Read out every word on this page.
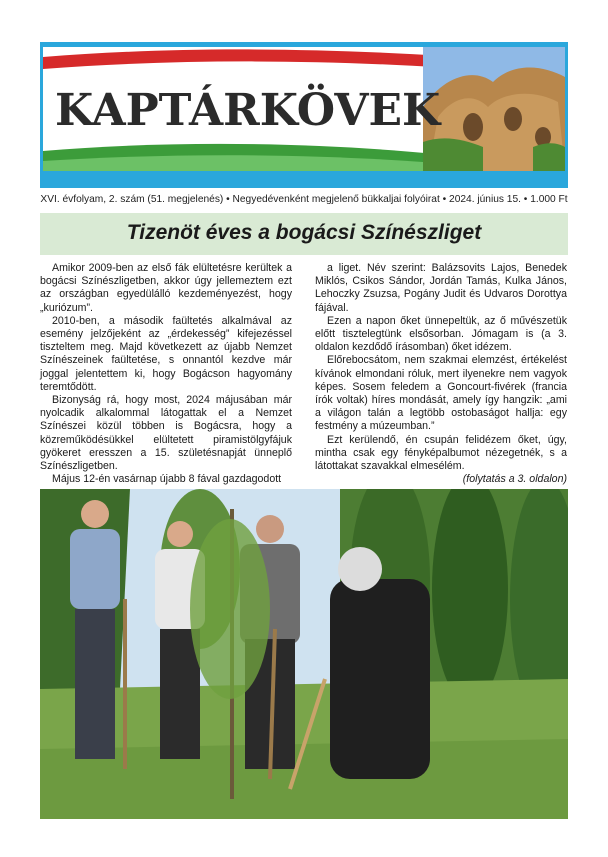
KAPTÁRKÖVEK
XVI. évfolyam, 2. szám (51. megjelenés) • Negyedévenként megjelenő bükkaljai folyóirat • 2024. június 15. • 1.000 Ft
Tizenöt éves a bogácsi Színészliget

Amikor 2009-ben az első fák elültetésre kerültek a bogácsi Színészligetben, akkor úgy jellemeztem ezt az országban egyedülálló kezdeményezést, hogy „kuriózum”.

2010-ben, a második faültetés alkalmával az esemény jelzőjeként az „érdekesség” kifejezéssel tiszteltem meg. Majd következett az újabb Nemzet Színészeinek faültetése, s onnantól kezdve már joggal jelentettem ki, hogy Bogácson hagyomány teremtődött.

Bizonyság rá, hogy most, 2024 májusában már nyolcadik alkalommal látogattak el a Nemzet Színészei közül többen is Bogácsra, hogy a közreműködésükkel elültetett piramistölgyfájuk gyökeret eresszen a 15. születésnapját ünneplő Színészligetben.

Május 12-én vasárnap újabb 8 fával gazdagodott

a liget. Név szerint: Balázsovits Lajos, Benedek Miklós, Csikos Sándor, Jordán Tamás, Kulka János, Lehoczky Zsuzsa, Pogány Judit és Udvaros Dorottya fájával.

Ezen a napon őket ünnepeltük, az ő művészetük előtt tisztelegtünk elsősorban. Jómagam is (a 3. oldalon kezdődő írásomban) őket idézem.

Előrebocsátom, nem szakmai elemzést, értékelést kívánok elmondani róluk, mert ilyenekre nem vagyok képes. Sosem feledem a Goncourt-fivérek (francia írók voltak) híres mondását, amely így hangzik: „ami a világon talán a legtöbb ostobaságot hallja: egy festmény a múzeumban.”

Ezt kerülendő, én csupán felidézem őket, úgy, mintha csak egy fényképalbumot nézegetnék, s a látottakat szavakkal elmesélém.

(folytatás a 3. oldalon)
